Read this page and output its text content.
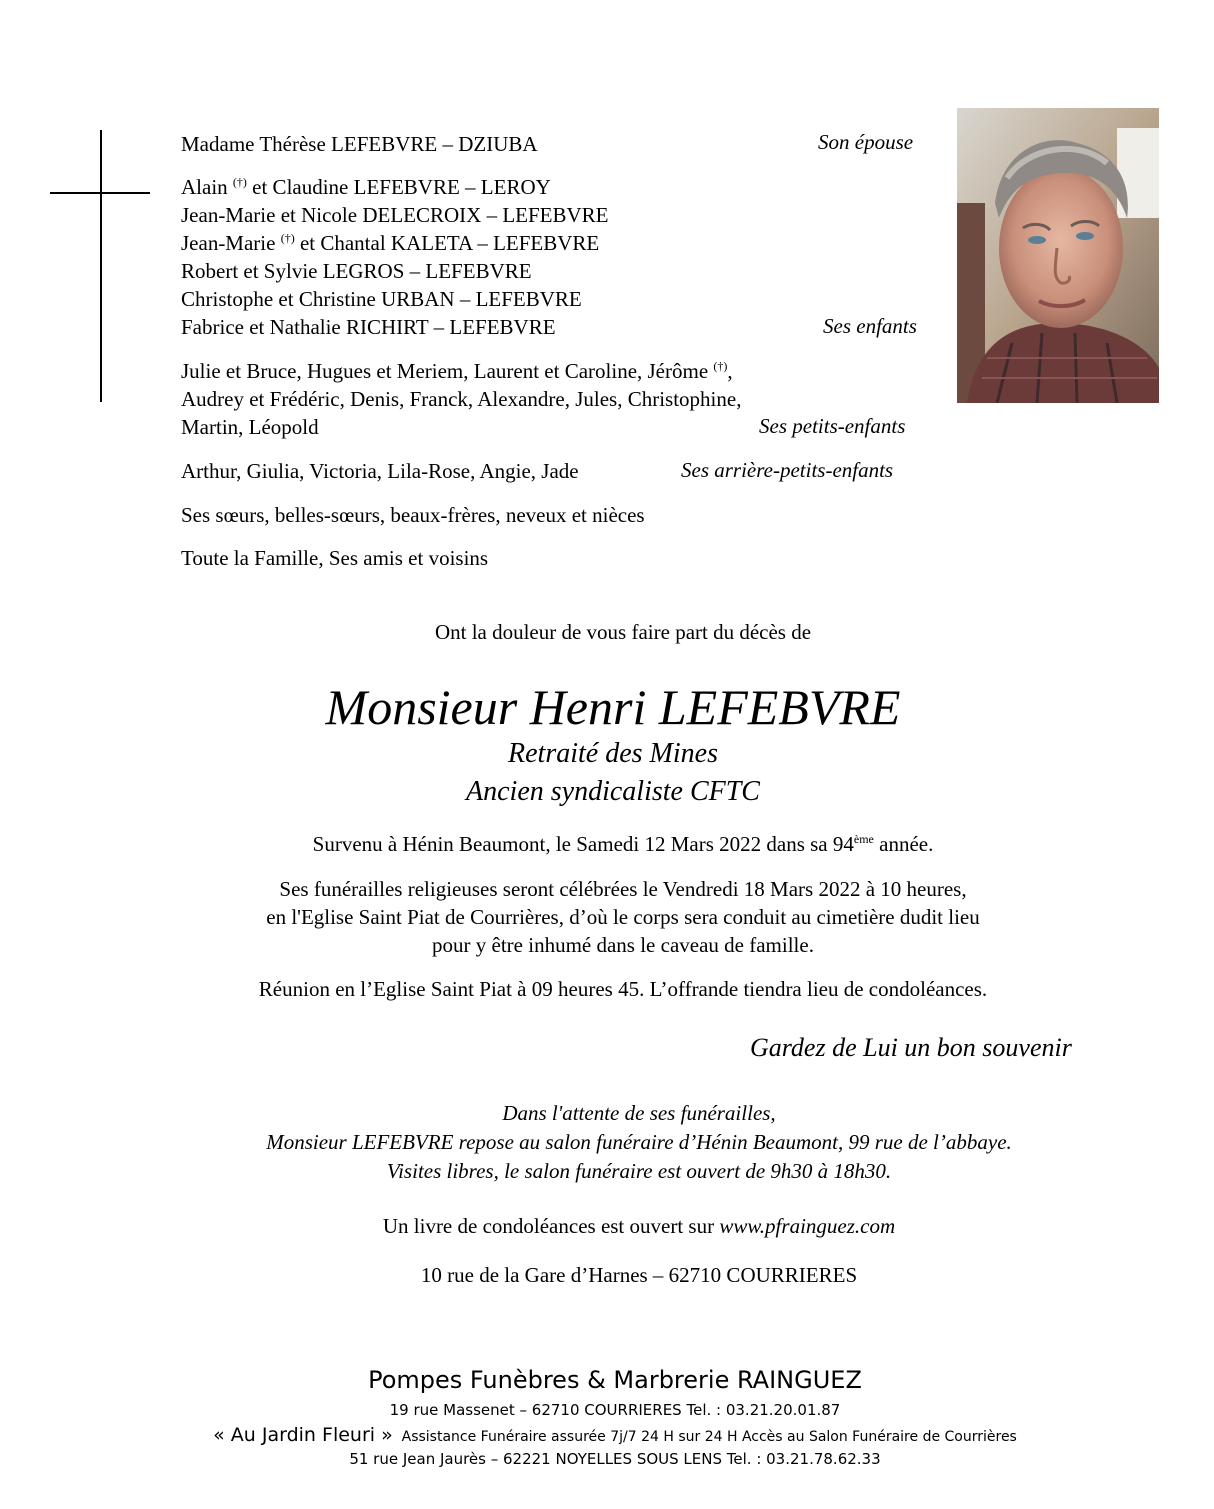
Madame Thérèse LEFEBVRE – DZIUBA	Son épouse
Alain (†) et Claudine LEFEBVRE – LEROY
Jean-Marie et Nicole DELECROIX – LEFEBVRE
Jean-Marie (†) et Chantal KALETA – LEFEBVRE
Robert et Sylvie LEGROS – LEFEBVRE
Christophe et Christine URBAN – LEFEBVRE
Fabrice et Nathalie RICHIRT – LEFEBVRE	Ses enfants
Julie et Bruce, Hugues et Meriem, Laurent et Caroline, Jérôme (†),
Audrey et Frédéric, Denis, Franck, Alexandre, Jules, Christophine,
Martin, Léopold	Ses petits-enfants
Arthur, Giulia, Victoria, Lila-Rose, Angie, Jade	Ses arrière-petits-enfants
Ses sœurs, belles-sœurs, beaux-frères, neveux et nièces
Toute la Famille, Ses amis et voisins
Ont la douleur de vous faire part du décès de
Monsieur Henri LEFEBVRE
Retraité des Mines
Ancien syndicaliste CFTC
Survenu à Hénin Beaumont, le Samedi 12 Mars 2022 dans sa 94ème année.
Ses funérailles religieuses seront célébrées le Vendredi 18 Mars 2022 à 10 heures,
en l'Eglise Saint Piat de Courrières, d’où le corps sera conduit au cimetière dudit lieu
pour y être inhumé dans le caveau de famille.
Réunion en l’Eglise Saint Piat à 09 heures 45. L’offrande tiendra lieu de condoléances.
Gardez de Lui un bon souvenir
Dans l'attente de ses funérailles,
Monsieur LEFEBVRE repose au salon funéraire d’Hénin Beaumont, 99 rue de l’abbaye.
Visites libres, le salon funéraire est ouvert de 9h30 à 18h30.
Un livre de condoléances est ouvert sur www.pfrainguez.com
10 rue de la Gare d’Harnes – 62710 COURRIERES
Pompes Funèbres & Marbrerie RAINGUEZ
19 rue Massenet – 62710 COURRIERES Tel. : 03.21.20.01.87
« Au Jardin Fleuri » Assistance Funéraire assurée 7j/7 24 H sur 24 H Accès au Salon Funéraire de Courrières
51 rue Jean Jaurès – 62221 NOYELLES SOUS LENS Tel. : 03.21.78.62.33
